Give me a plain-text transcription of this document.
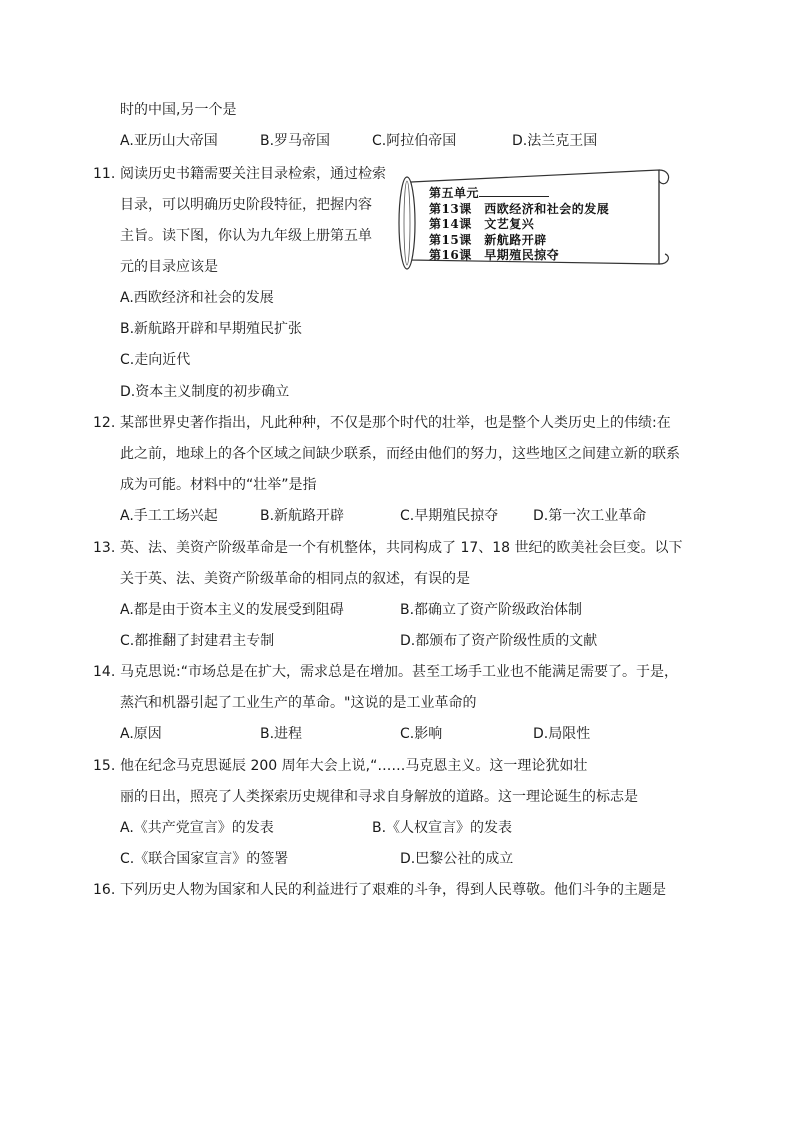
时的中国,另一个是
A.亚历山大帝国	B.罗马帝国	C.阿拉伯帝国	D.法兰克王国
11. 阅读历史书籍需要关注目录检索，通过检索
目录，可以明确历史阶段特征，把握内容
主旨。读下图，你认为九年级上册第五单
元的目录应该是
第五单元
第13课　西欧经济和社会的发展
第14课　文艺复兴
第15课　新航路开辟
第16课　早期殖民掠夺
A.西欧经济和社会的发展
B.新航路开辟和早期殖民扩张
C.走向近代
D.资本主义制度的初步确立
12. 某部世界史著作指出，凡此种种，不仅是那个时代的壮举，也是整个人类历史上的伟绩:在
此之前，地球上的各个区域之间缺少联系，而经由他们的努力，这些地区之间建立新的联系
成为可能。材料中的“壮举”是指
A.手工工场兴起	B.新航路开辟	C.早期殖民掠夺 D.第一次工业革命
13. 英、法、美资产阶级革命是一个有机整体，共同构成了 17、18 世纪的欧美社会巨变。以下
关于英、法、美资产阶级革命的相同点的叙述，有误的是
A.都是由于资本主义的发展受到阻碍	B.都确立了资产阶级政治体制
C.都推翻了封建君主专制	D.都颁布了资产阶级性质的文献
14. 马克思说:“市场总是在扩大，需求总是在增加。甚至工场手工业也不能满足需要了。于是，
蒸汽和机器引起了工业生产的革命。"这说的是工业革命的
A.原因	B.进程	C.影响	D.局限性
15. 他在纪念马克思诞辰 200 周年大会上说,“……马克恩主义。这一理论犹如壮
丽的日出，照亮了人类探索历史规律和寻求自身解放的道路。这一理论诞生的标志是
A.《共产党宣言》的发表	B.《人权宣言》的发表
C.《联合国家宣言》的签署	D.巴黎公社的成立
16. 下列历史人物为国家和人民的利益进行了艰难的斗争，得到人民尊敬。他们斗争的主题是
